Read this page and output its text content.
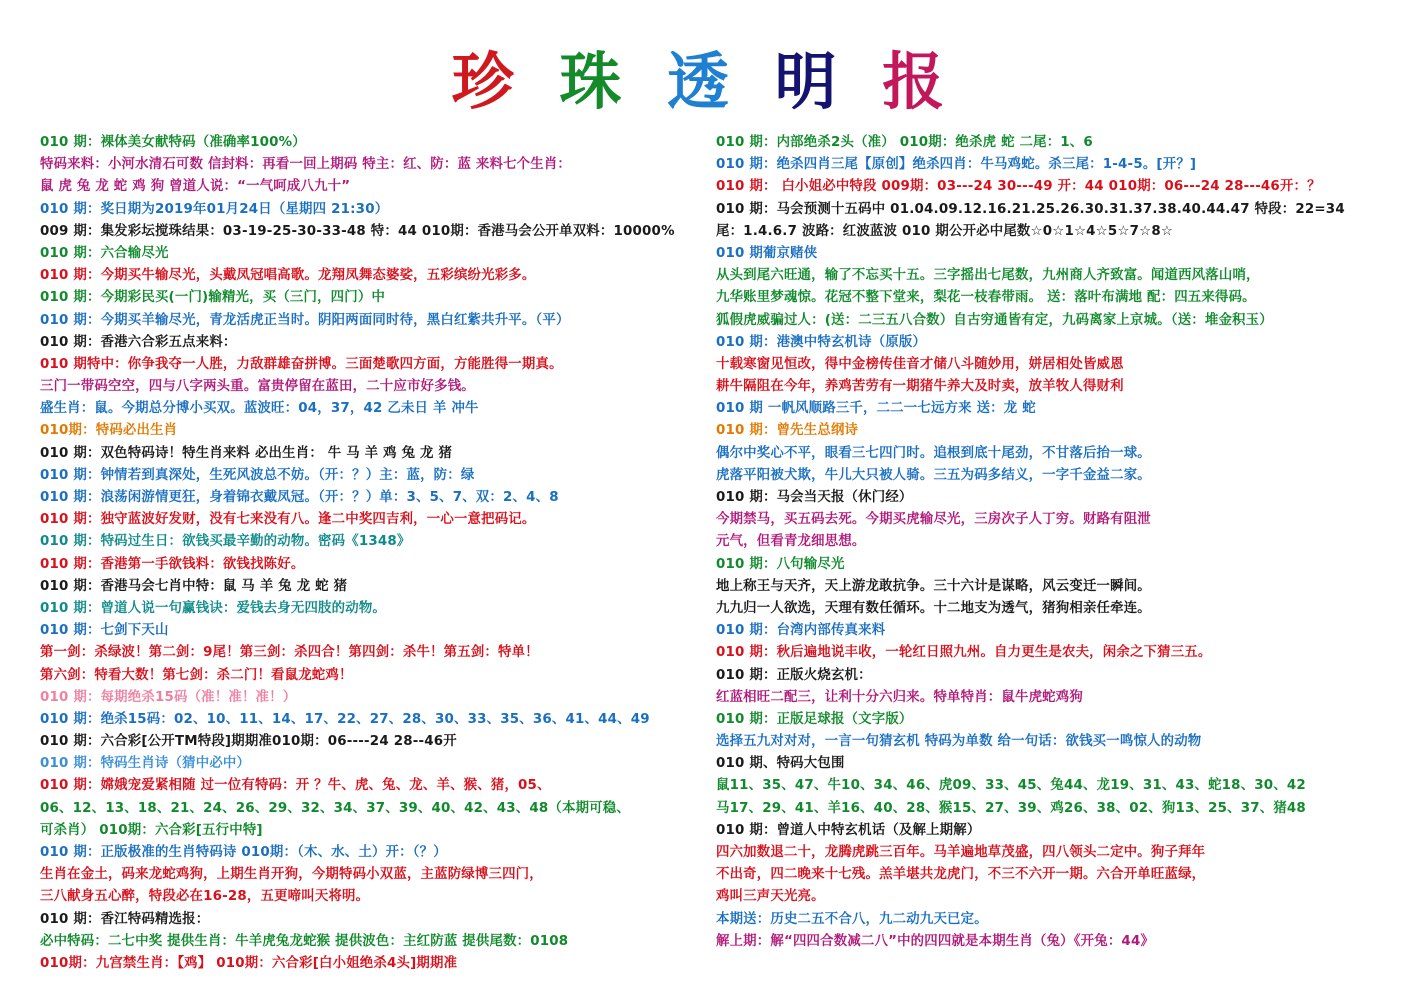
珍 珠 透 明 报
010 期：裸体美女献特码（准确率100%）
特码来料：小河水清石可数 信封料：再看一回上期码 特主：红、防：蓝 来料七个生肖：
鼠 虎 兔 龙 蛇 鸡 狗 曾道人说：“一气呵成八九十”
010 期：奖日期为2019年01月24日（星期四 21:30）
009 期：集发彩坛搅珠结果：03-19-25-30-33-48 特：44 010期：香港马会公开单双料：10000%
010 期：六合输尽光
010 期：今期买牛输尽光，头戴凤冠唱高歌。龙翔凤舞态婆娑，五彩缤纷光彩多。
010 期：今期彩民买(一门)输精光，买（三门，四门）中
010 期：今期买羊输尽光，青龙活虎正当时。阴阳两面同时待，黑白红紫共升平。（平）
010 期：香港六合彩五点来料：
010 期特中：你争我夺一人胜，力敌群雄奋拼博。三面楚歌四方面，方能胜得一期真。
三门一带码空空，四与八字两头重。富贵停留在蓝田，二十应市好多钱。
盛生肖：鼠。今期总分博小买双。蓝波旺：04，37，42 乙未日 羊 冲牛
010期：特码必出生肖
010 期：双色特码诗！特生肖来料 必出生肖： 牛 马 羊 鸡 兔 龙 猪
010 期：钟情若到真深处，生死风波总不妨。（开：？）主：蓝，防：绿
010 期：浪荡闲游情更狂，身着锦衣戴凤冠。（开：？）单：3、5、7、双：2、4、8
010 期：独守蓝波好发财，没有七来没有八。逢二中奖四吉利，一心一意把码记。
010 期：特码过生日：欲钱买最辛勤的动物。密码《1348》
010 期：香港第一手欲钱料：欲钱找陈好。
010 期：香港马会七肖中特：鼠 马 羊 兔 龙 蛇 猪
010 期：曾道人说一句赢钱诀：爱钱去身无四肢的动物。
010 期：七剑下天山
第一剑：杀绿波！第二剑：9尾！第三剑：杀四合！第四剑：杀牛！第五剑：特单！
第六剑：特看大数！第七剑：杀二门！看鼠龙蛇鸡！
010 期：每期绝杀15码（准！准！准！）
010 期：绝杀15码：02、10、11、14、17、22、27、28、30、33、35、36、41、44、49
010 期：六合彩[公开TM特段]期期准010期：06----24 28--46开
010 期：特码生肖诗（猜中必中）
010 期：嫦娥宠爱紧相随 过一位有特码：开 ？牛、虎、兔、龙、羊、猴、猪，05、
06、12、13、18、21、24、26、29、32、34、37、39、40、42、43、48（本期可稳、
可杀肖） 010期：六合彩[五行中特]
010 期：正版极准的生肖特码诗 010期：（木、水、土）开：（？）
生肖在金土，码来龙蛇鸡狗，上期生肖开狗，今期特码小双蓝，主蓝防绿博三四门，
三八献身五心醉，特段必在16-28，五更啼叫天将明。
010 期：香江特码精选报：
必中特码：二七中奖 提供生肖：牛羊虎兔龙蛇猴 提供波色：主红防蓝 提供尾数：0108
010期：九宫禁生肖：【鸡】 010期：六合彩[白小姐绝杀4头]期期准
010 期：内部绝杀2头（准） 010期：绝杀虎 蛇 二尾：1、6
010 期：绝杀四肖三尾【原创】绝杀四肖：牛马鸡蛇。杀三尾：1-4-5。[开？]
010 期： 白小姐必中特段 009期：03---24 30---49 开：44 010期：06---24 28---46开：？
010 期：马会预测十五码中 01.04.09.12.16.21.25.26.30.31.37.38.40.44.47 特段：22=34
尾：1.4.6.7 波路：红波蓝波 010 期公开必中尾数☆0☆1☆4☆5☆7☆8☆
010 期葡京赌侠
从头到尾六旺通，输了不忘买十五。三字摇出七尾数，九州商人齐致富。闻道西风落山哨，
九华账里梦魂惊。花冠不整下堂来，梨花一枝春带雨。 送：落叶布满地 配：四五来得码。
狐假虎威骗过人：(送：二三五八合数）自古穷通皆有定，九码离家上京城。（送：堆金积玉）
010 期：港澳中特玄机诗（原版）
十载寒窗见恒改，得中金榜传佳音才储八斗随妙用，姘居相处皆威恩
耕牛隔阻在今年，养鸡苦劳有一期猪牛养大及时卖，放羊牧人得财利
010 期 一帆风顺路三千，二二一七远方来 送：龙 蛇
010 期：曾先生总纲诗
偶尔中奖心不平，眼看三七四门时。追根到底十尾劲，不甘落后抬一球。
虎落平阳被犬欺，牛儿大只被人骑。三五为码多结义，一字千金益二家。
010 期：马会当天报（休门经）
今期禁马，买五码去死。今期买虎输尽光，三房次子人丁穷。财路有阻泄
元气，但看青龙细思想。
010 期：八句输尽光
地上称王与天齐，天上游龙敢抗争。三十六计是谋略，风云变迁一瞬间。
九九归一人欲选，天理有数任循环。十二地支为透气，猪狗相亲任牵连。
010 期：台湾内部传真来料
010 期：秋后遍地说丰收，一轮红日照九州。自力更生是农夫，闲余之下猜三五。
010 期：正版火烧玄机：
红蓝相旺二配三，让利十分六归来。特单特肖：鼠牛虎蛇鸡狗
010 期：正版足球报（文字版）
选择五九对对对，一言一句猜玄机 特码为单数 给一句话：欲钱买一鸣惊人的动物
010 期、特码大包围
鼠11、35、47、牛10、34、46、虎09、33、45、兔44、龙19、31、43、蛇18、30、42
马17、29、41、羊16、40、28、猴15、27、39、鸡26、38、02、狗13、25、37、猪48
010 期：曾道人中特玄机话（及解上期解）
四六加数退二十，龙腾虎跳三百年。马羊遍地草茂盛，四八领头二定中。狗子拜年
不出奇，四二晚来十七残。羔羊堪共龙虎门，不三不六开一期。六合开单旺蓝绿，
鸡叫三声天光亮。
本期送：历史二五不合八，九二动九天已定。
解上期：解“四四合数减二八”中的四四就是本期生肖（兔）《开兔：44》
